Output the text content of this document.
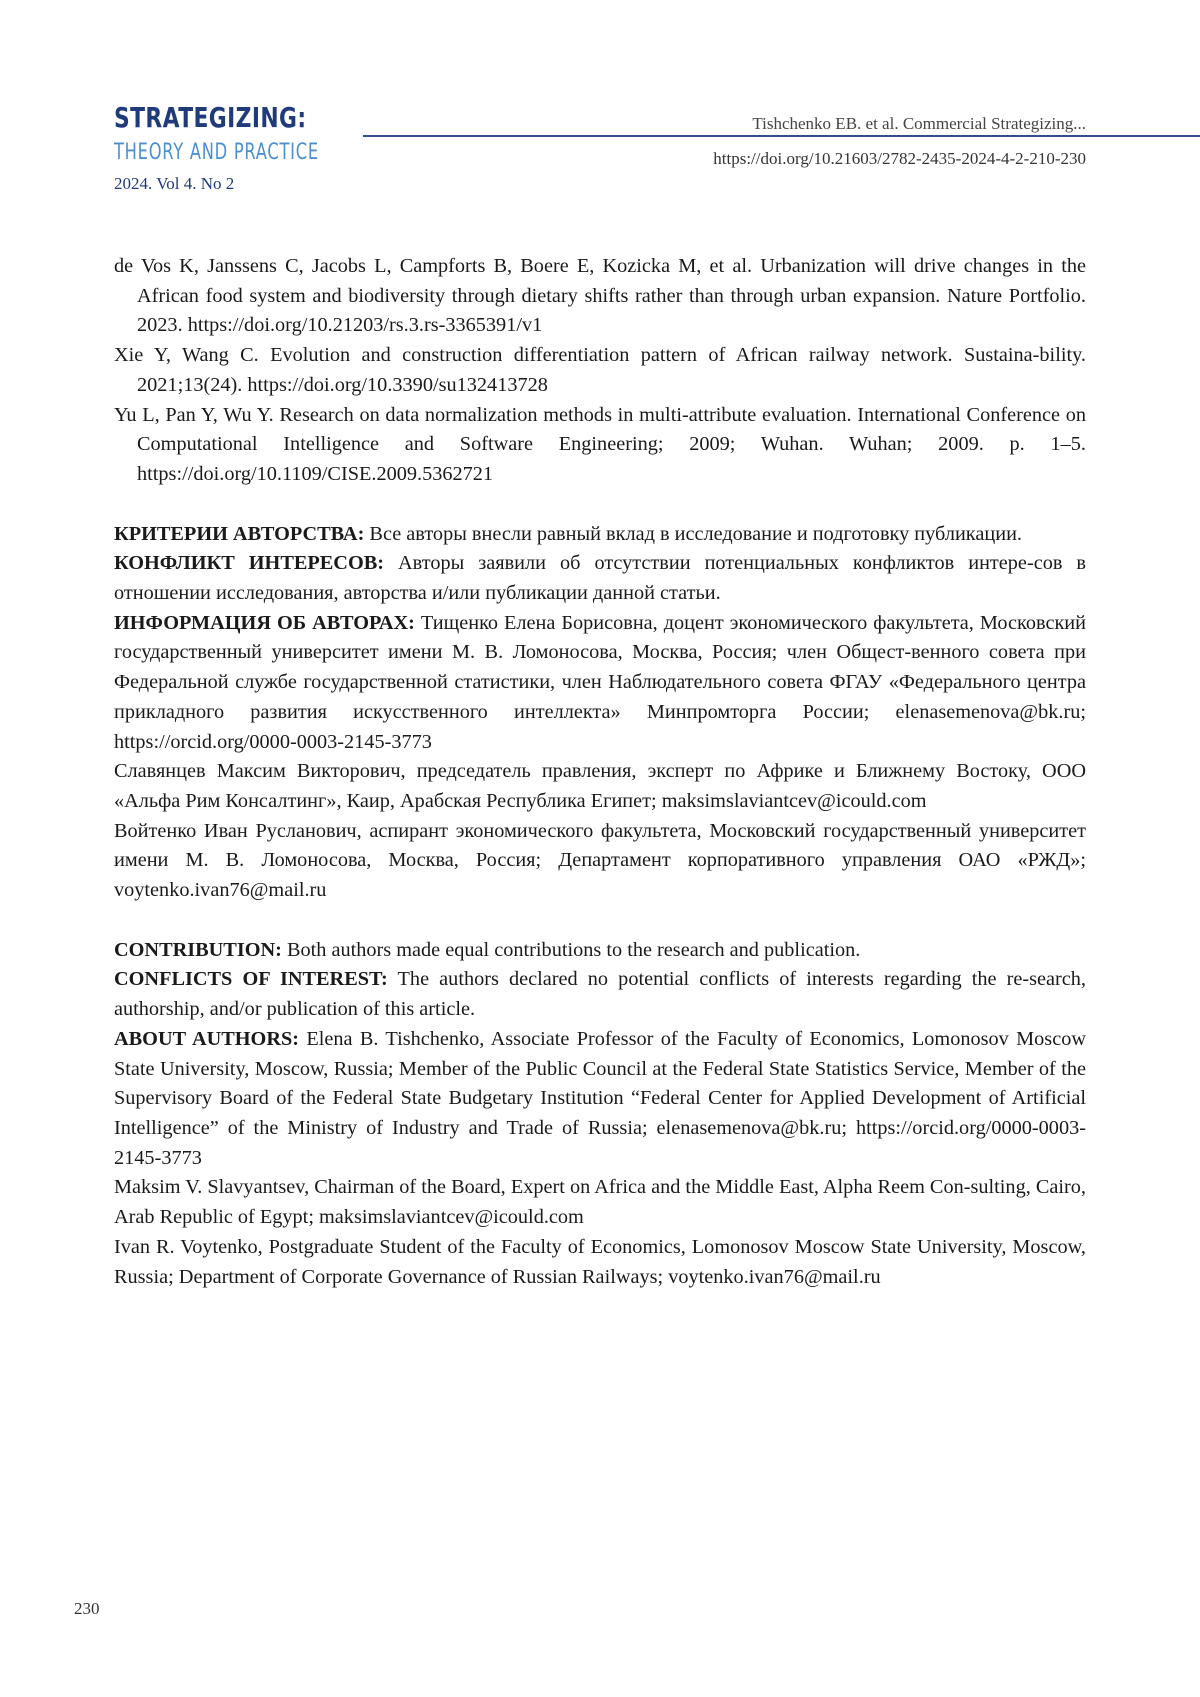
STRATEGIZING:
THEORY AND PRACTICE
2024. Vol 4. No 2
Tishchenko EB. et al. Commercial Strategizing...
https://doi.org/10.21603/2782-2435-2024-4-2-210-230

de Vos K, Janssens C, Jacobs L, Campforts B, Boere E, Kozicka M, et al. Urbanization will drive changes in the African food system and biodiversity through dietary shifts rather than through urban expansion. Nature Portfolio. 2023. https://doi.org/10.21203/rs.3.rs-3365391/v1

Xie Y, Wang C. Evolution and construction differentiation pattern of African railway network. Sustaina-bility. 2021;13(24). https://doi.org/10.3390/su132413728

Yu L, Pan Y, Wu Y. Research on data normalization methods in multi-attribute evaluation. International Conference on Computational Intelligence and Software Engineering; 2009; Wuhan. Wuhan; 2009. p. 1–5. https://doi.org/10.1109/CISE.2009.5362721

КРИТЕРИИ АВТОРСТВА: Все авторы внесли равный вклад в исследование и подготовку публикации.

КОНФЛИКТ ИНТЕРЕСОВ: Авторы заявили об отсутствии потенциальных конфликтов интере-сов в отношении исследования, авторства и/или публикации данной статьи.

ИНФОРМАЦИЯ ОБ АВТОРАХ: Тищенко Елена Борисовна, доцент экономического факультета, Московский государственный университет имени М. В. Ломоносова, Москва, Россия; член Общест-венного совета при Федеральной службе государственной статистики, член Наблюдательного совета ФГАУ «Федерального центра прикладного развития искусственного интеллекта» Минпромторга России; elenasemenova@bk.ru; https://orcid.org/0000-0003-2145-3773

Славянцев Максим Викторович, председатель правления, эксперт по Африке и Ближнему Востоку, ООО «Альфа Рим Консалтинг», Каир, Арабская Республика Египет; maksimslaviantcev@icould.com

Войтенко Иван Русланович, аспирант экономического факультета, Московский государственный университет имени М. В. Ломоносова, Москва, Россия; Департамент корпоративного управления ОАО «РЖД»; voytenko.ivan76@mail.ru

CONTRIBUTION: Both authors made equal contributions to the research and publication.

CONFLICTS OF INTEREST: The authors declared no potential conflicts of interests regarding the re-search, authorship, and/or publication of this article.

ABOUT AUTHORS: Elena B. Tishchenko, Associate Professor of the Faculty of Economics, Lomonosov Moscow State University, Moscow, Russia; Member of the Public Council at the Federal State Statistics Service, Member of the Supervisory Board of the Federal State Budgetary Institution “Federal Center for Applied Development of Artificial Intelligence” of the Ministry of Industry and Trade of Russia; elenasemenova@bk.ru; https://orcid.org/0000-0003-2145-3773

Maksim V. Slavyantsev, Chairman of the Board, Expert on Africa and the Middle East, Alpha Reem Con-sulting, Cairo, Arab Republic of Egypt; maksimslaviantcev@icould.com

Ivan R. Voytenko, Postgraduate Student of the Faculty of Economics, Lomonosov Moscow State University, Moscow, Russia; Department of Corporate Governance of Russian Railways; voytenko.ivan76@mail.ru

230
